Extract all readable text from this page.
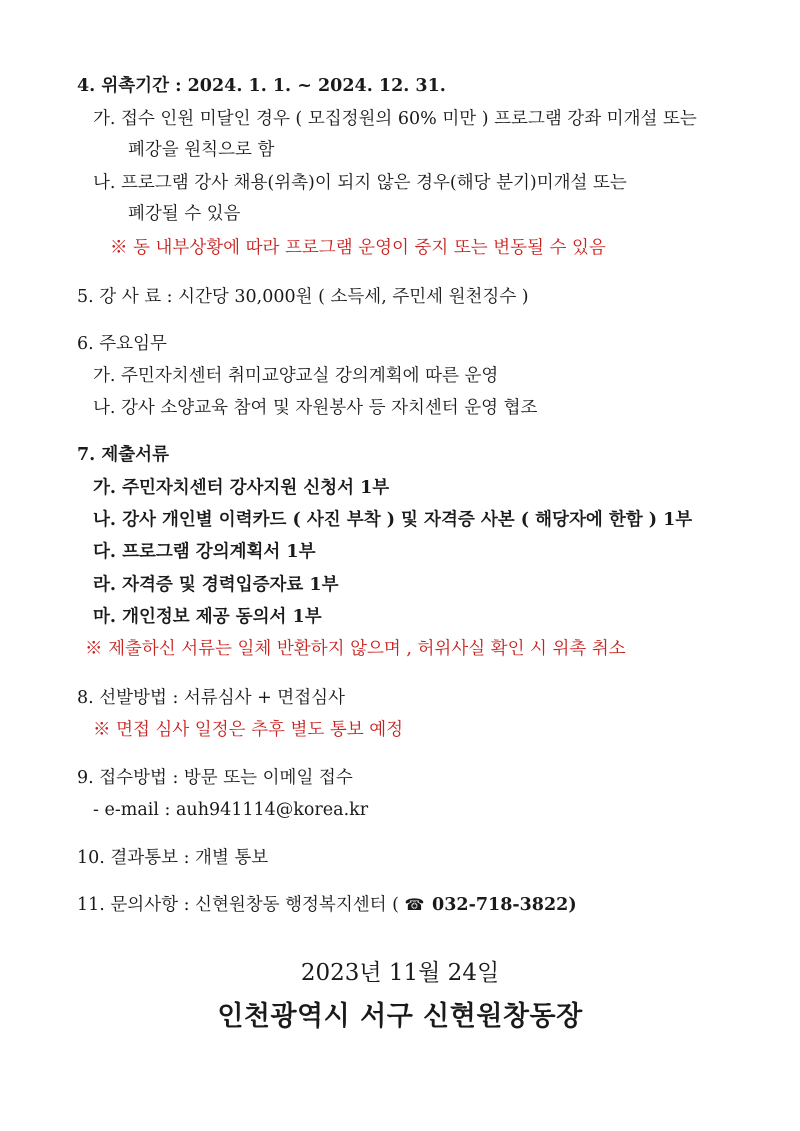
4. 위촉기간 : 2024. 1. 1. ~ 2024. 12. 31.
가. 접수 인원 미달인 경우 ( 모집정원의 60% 미만 ) 프로그램 강좌 미개설 또는
폐강을 원칙으로 함
나. 프로그램 강사 채용(위촉)이 되지 않은 경우(해당 분기)미개설 또는
폐강될 수 있음
※ 동 내부상황에 따라 프로그램 운영이 중지 또는 변동될 수 있음
5. 강 사 료 : 시간당 30,000원 ( 소득세, 주민세 원천징수 )
6. 주요임무
가. 주민자치센터 취미교양교실 강의계획에 따른 운영
나. 강사 소양교육 참여 및 자원봉사 등 자치센터 운영 협조
7. 제출서류
가. 주민자치센터 강사지원 신청서 1부
나. 강사 개인별 이력카드 ( 사진 부착 ) 및 자격증 사본 ( 해당자에 한함 ) 1부
다. 프로그램 강의계획서 1부
라. 자격증 및 경력입증자료 1부
마. 개인정보 제공 동의서 1부
※ 제출하신 서류는 일체 반환하지 않으며 , 허위사실 확인 시 위촉 취소
8. 선발방법 : 서류심사 + 면접심사
※ 면접 심사 일정은 추후 별도 통보 예정
9. 접수방법 : 방문 또는 이메일 접수
- e-mail : auh941114@korea.kr
10. 결과통보 : 개별 통보
11. 문의사항 : 신현원창동 행정복지센터 ( ☎ 032-718-3822)
2023년 11월 24일
인천광역시 서구 신현원창동장
